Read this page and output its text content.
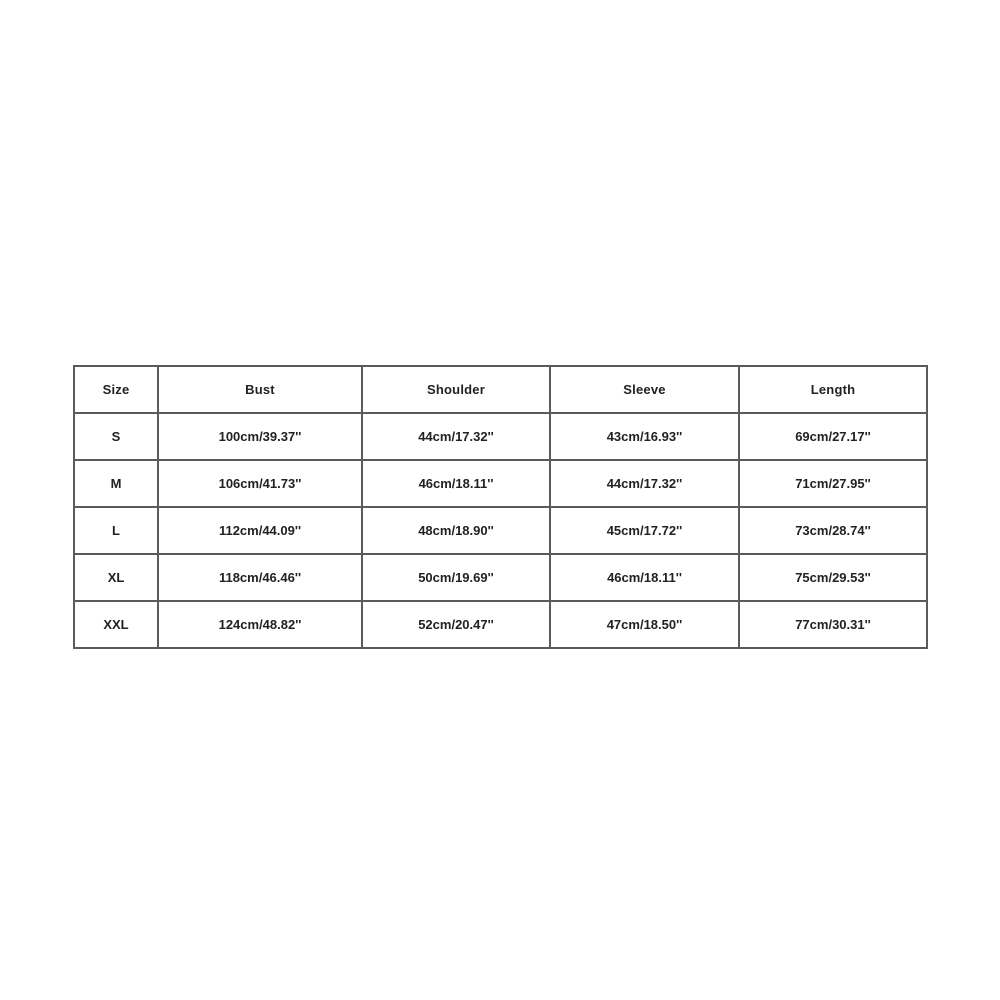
Size	Bust	Shoulder	Sleeve	Length
S	100cm/39.37''	44cm/17.32''	43cm/16.93''	69cm/27.17''
M	106cm/41.73''	46cm/18.11''	44cm/17.32''	71cm/27.95''
L	112cm/44.09''	48cm/18.90''	45cm/17.72''	73cm/28.74''
XL	118cm/46.46''	50cm/19.69''	46cm/18.11''	75cm/29.53''
XXL	124cm/48.82''	52cm/20.47''	47cm/18.50''	77cm/30.31''
